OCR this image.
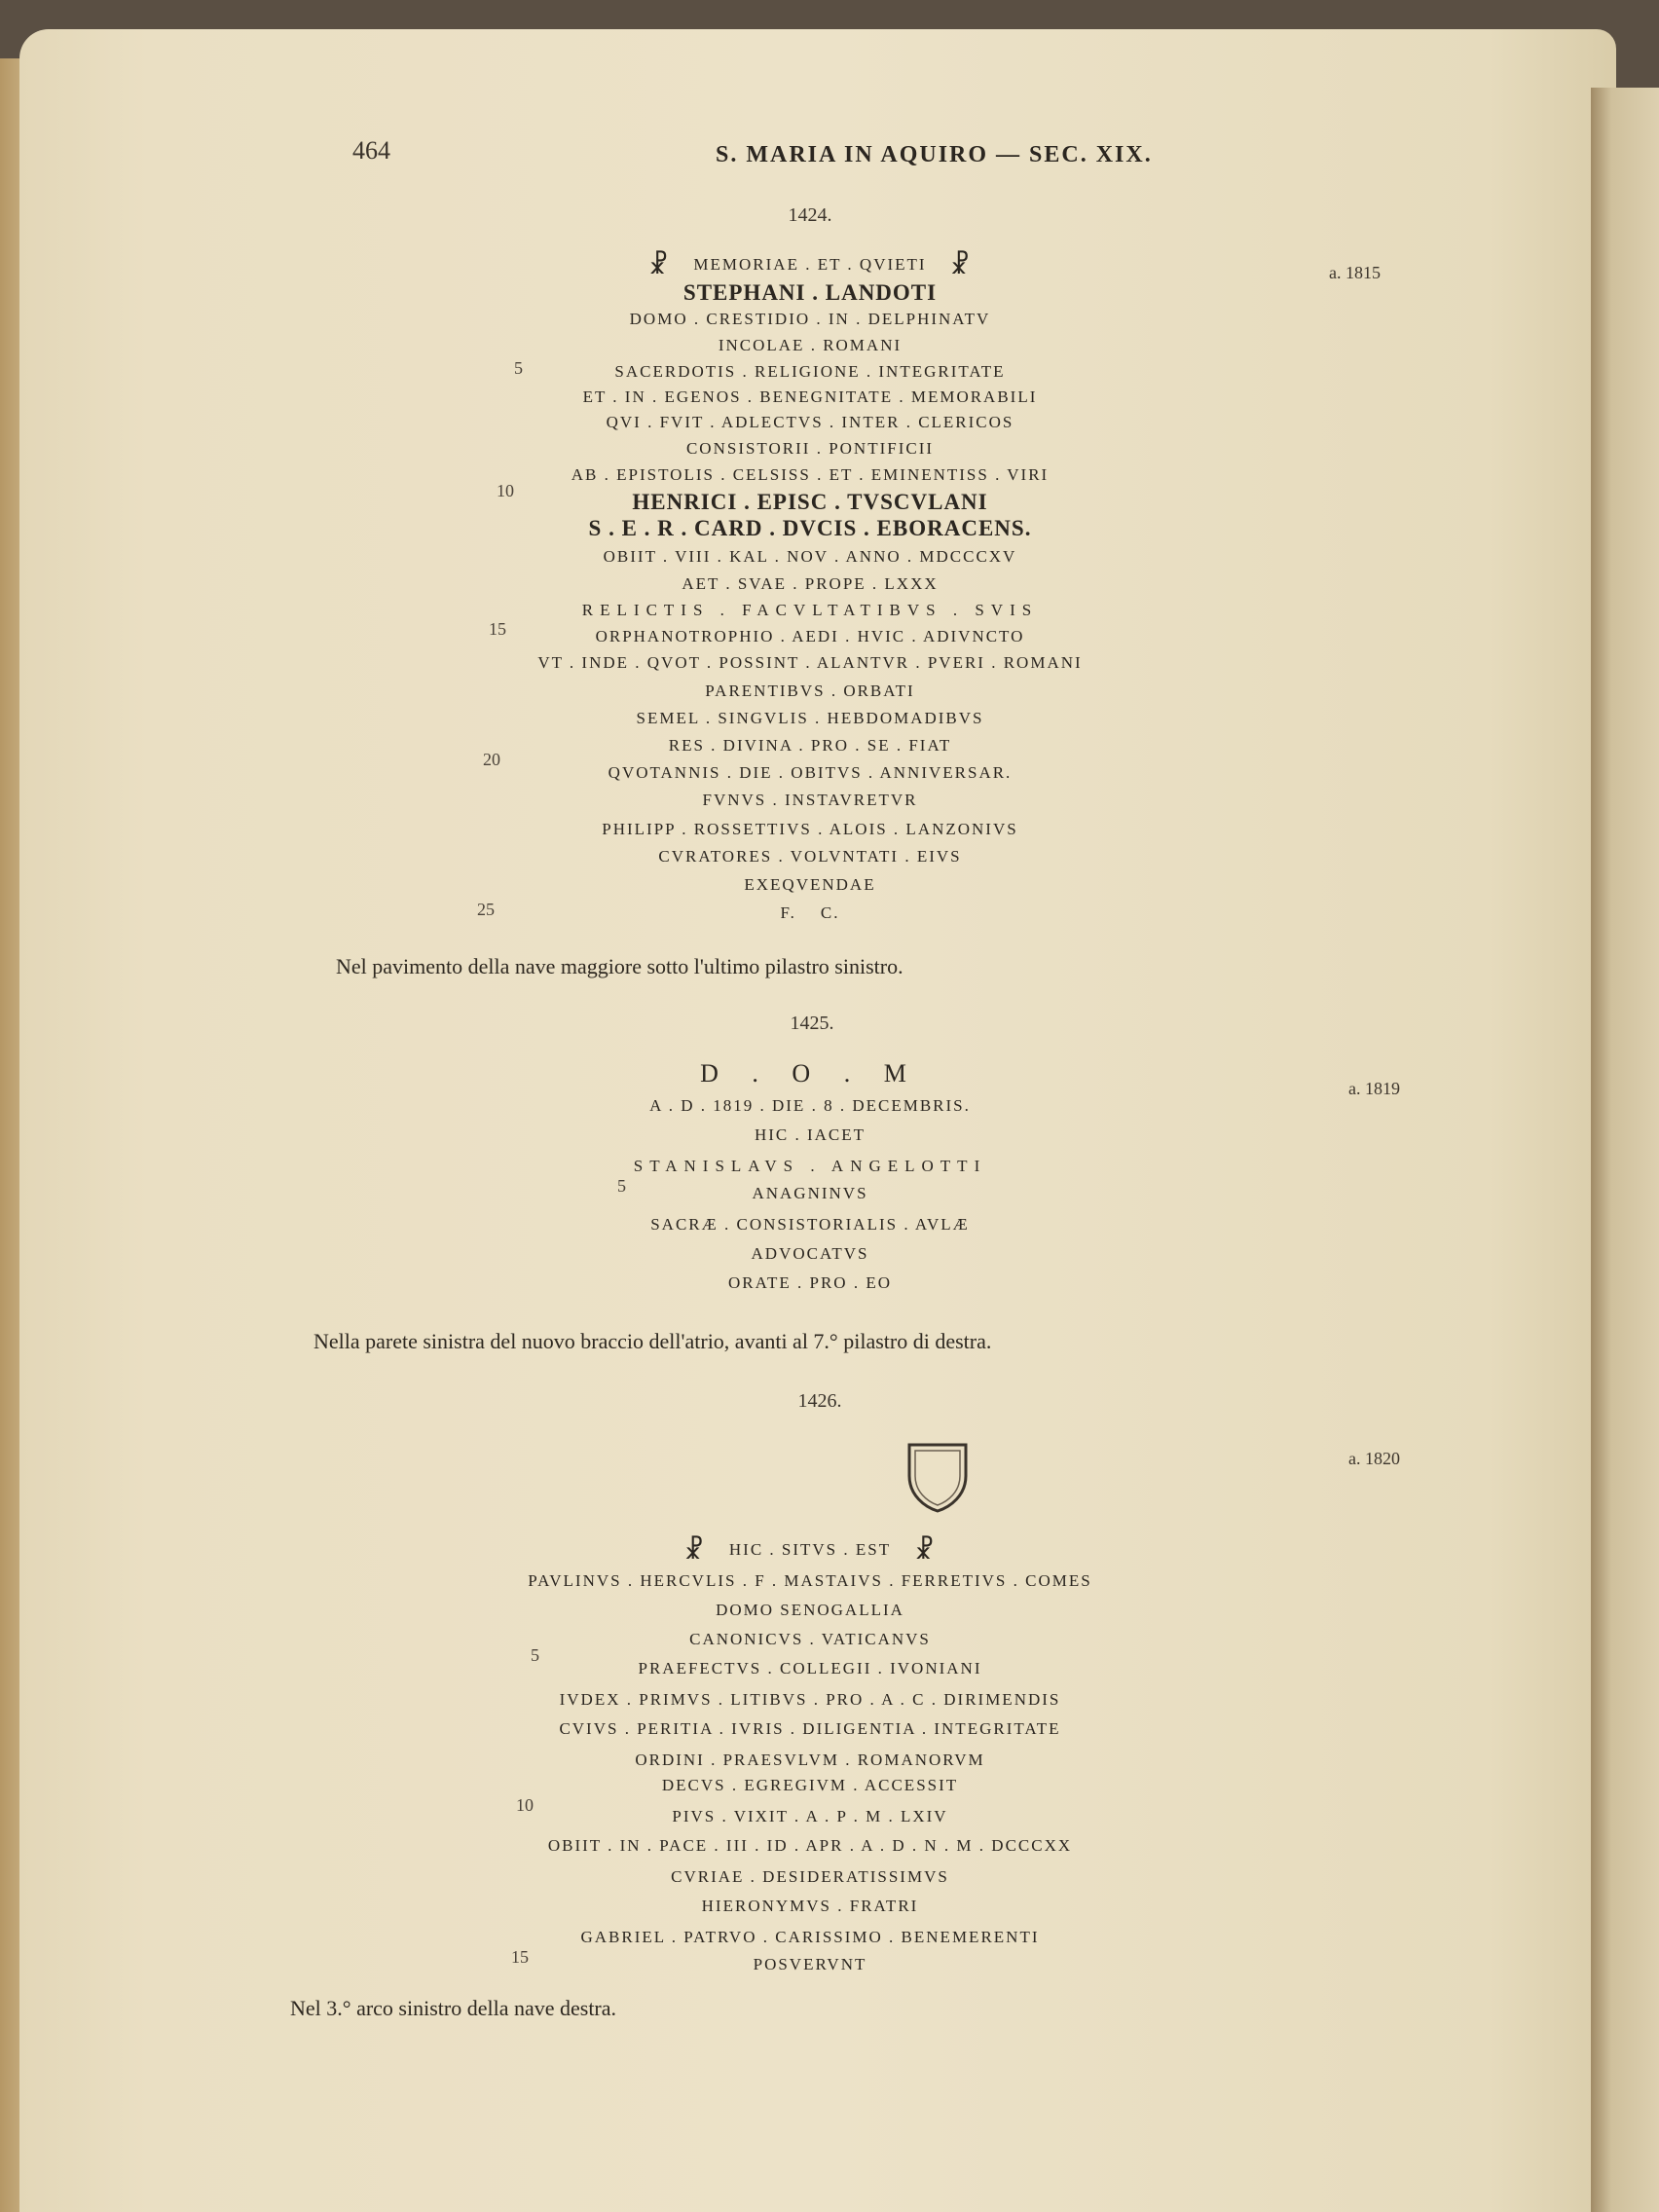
464	S. MARIA IN AQUIRO — SEC. XIX.
1424.
a. 1815
☧ MEMORIAE . ET . QVIETI ☧
STEPHANI . LANDOTI
DOMO . CRESTIDIO . IN . DELPHINATV
INCOLAE . ROMANI
SACERDOTIS . RELIGIONE . INTEGRITATE
ET . IN . EGENOS . BENEGNITATE . MEMORABILI
QVI . FVIT . ADLECTVS . INTER . CLERICOS
CONSISTORII . PONTIFICII
AB . EPISTOLIS . CELSISS . ET . EMINENTISS . VIRI
HENRICI . EPISC . TVSCVLANI
S . E . R . CARD . DVCIS . EBORACENS.
OBIIT . VIII . KAL . NOV . ANNO . MDCCCXV
AET . SVAE . PROPE . LXXX
RELICTIS . FACVLTATIBVS . SVIS
ORPHANOTROPHIO . AEDI . HVIC . ADIVNCTO
VT . INDE . QVOT . POSSINT . ALANTVR . PVERI . ROMANI
PARENTIBVS . ORBATI
SEMEL . SINGVLIS . HEBDOMADIBVS
RES . DIVINA . PRO . SE . FIAT
QVOTANNIS . DIE . OBITVS . ANNIVERSAR.
FVNVS . INSTAVRETVR
PHILIPP . ROSSETTIVS . ALOIS . LANZONIVS
CVRATORES . VOLVNTATI . EIVS
EXEQVENDAE
F.    C.
5
10
15
20
25
Nel pavimento della nave maggiore sotto l'ultimo pilastro sinistro.
1425.
a. 1819
D . O . M
A . D . 1819 . DIE . 8 . DECEMBRIS.
HIC . IACET
STANISLAVS . ANGELOTTI
ANAGNINVS
SACRÆ . CONSISTORIALIS . AVLÆ
ADVOCATVS
ORATE . PRO . EO
5
Nella parete sinistra del nuovo braccio dell'atrio, avanti al 7.° pilastro di destra.
1426.
a. 1820
☧ HIC . SITVS . EST ☧
PAVLINVS . HERCVLIS . F . MASTAIVS . FERRETIVS . COMES
DOMO SENOGALLIA
CANONICVS . VATICANVS
PRAEFECTVS . COLLEGII . IVONIANI
IVDEX . PRIMVS . LITIBVS . PRO . A . C . DIRIMENDIS
CVIVS . PERITIA . IVRIS . DILIGENTIA . INTEGRITATE
ORDINI . PRAESVLVM . ROMANORVM
DECVS . EGREGIVM . ACCESSIT
PIVS . VIXIT . A . P . M . LXIV
OBIIT . IN . PACE . III . ID . APR . A . D . N . M . DCCCXX
CVRIAE . DESIDERATISSIMVS
HIERONYMVS . FRATRI
GABRIEL . PATRVO . CARISSIMO . BENEMERENTI
POSVERVNT
5
10
15
Nel 3.° arco sinistro della nave destra.
